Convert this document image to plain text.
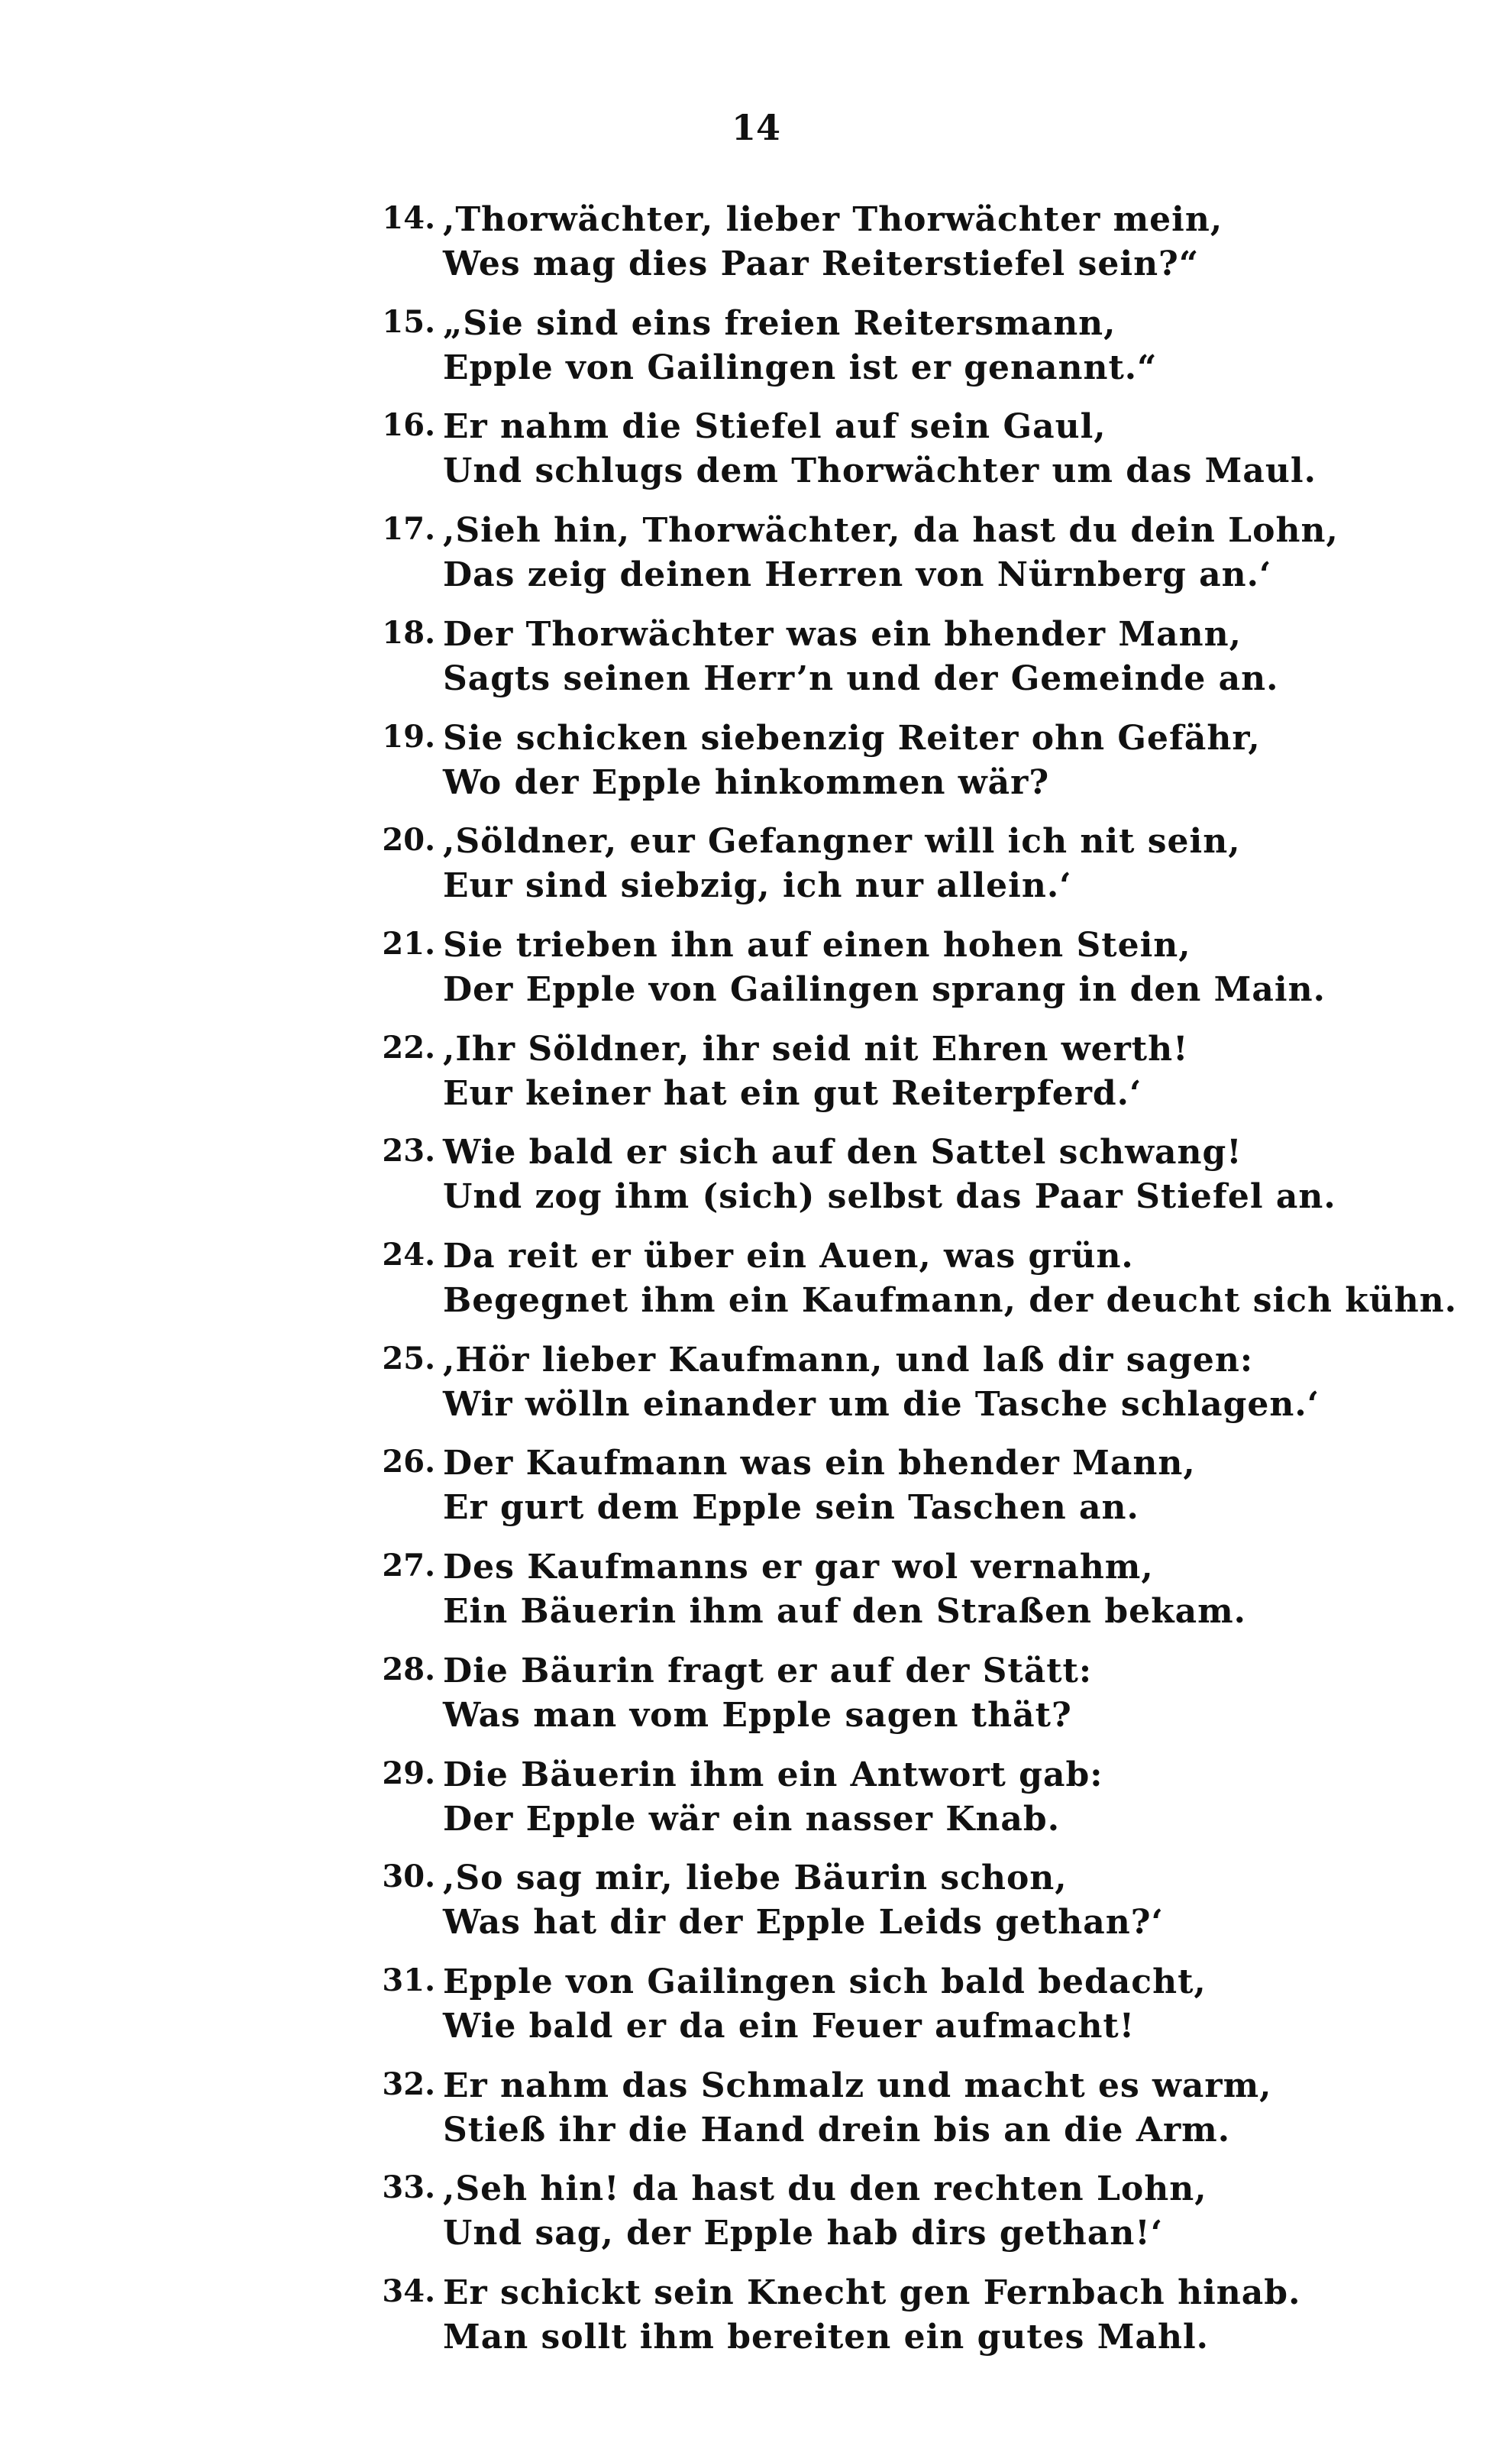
14
14. ,Thorwächter, lieber Thorwächter mein,
Wes mag dies Paar Reiterstiefel sein?“
15. „Sie sind eins freien Reitersmann,
Epple von Gailingen ist er genannt.“
16. Er nahm die Stiefel auf sein Gaul,
Und schlugs dem Thorwächter um das Maul.
17. ,Sieh hin, Thorwächter, da hast du dein Lohn,
Das zeig deinen Herren von Nürnberg an.‘
18. Der Thorwächter was ein bhender Mann,
Sagts seinen Herr’n und der Gemeinde an.
19. Sie schicken siebenzig Reiter ohn Gefähr,
Wo der Epple hinkommen wär?
20. ,Söldner, eur Gefangner will ich nit sein,
Eur sind siebzig, ich nur allein.‘
21. Sie trieben ihn auf einen hohen Stein,
Der Epple von Gailingen sprang in den Main.
22. ,Ihr Söldner, ihr seid nit Ehren werth!
Eur keiner hat ein gut Reiterpferd.‘
23. Wie bald er sich auf den Sattel schwang!
Und zog ihm (sich) selbst das Paar Stiefel an.
24. Da reit er über ein Auen, was grün.
Begegnet ihm ein Kaufmann, der deucht sich kühn.
25. ,Hör lieber Kaufmann, und laß dir sagen:
Wir wölln einander um die Tasche schlagen.‘
26. Der Kaufmann was ein bhender Mann,
Er gurt dem Epple sein Taschen an.
27. Des Kaufmanns er gar wol vernahm,
Ein Bäuerin ihm auf den Straßen bekam.
28. Die Bäurin fragt er auf der Stätt:
Was man vom Epple sagen thät?
29. Die Bäuerin ihm ein Antwort gab:
Der Epple wär ein nasser Knab.
30. ,So sag mir, liebe Bäurin schon,
Was hat dir der Epple Leids gethan?‘
31. Epple von Gailingen sich bald bedacht,
Wie bald er da ein Feuer aufmacht!
32. Er nahm das Schmalz und macht es warm,
Stieß ihr die Hand drein bis an die Arm.
33. ,Seh hin! da hast du den rechten Lohn,
Und sag, der Epple hab dirs gethan!‘
34. Er schickt sein Knecht gen Fernbach hinab.
Man sollt ihm bereiten ein gutes Mahl.
